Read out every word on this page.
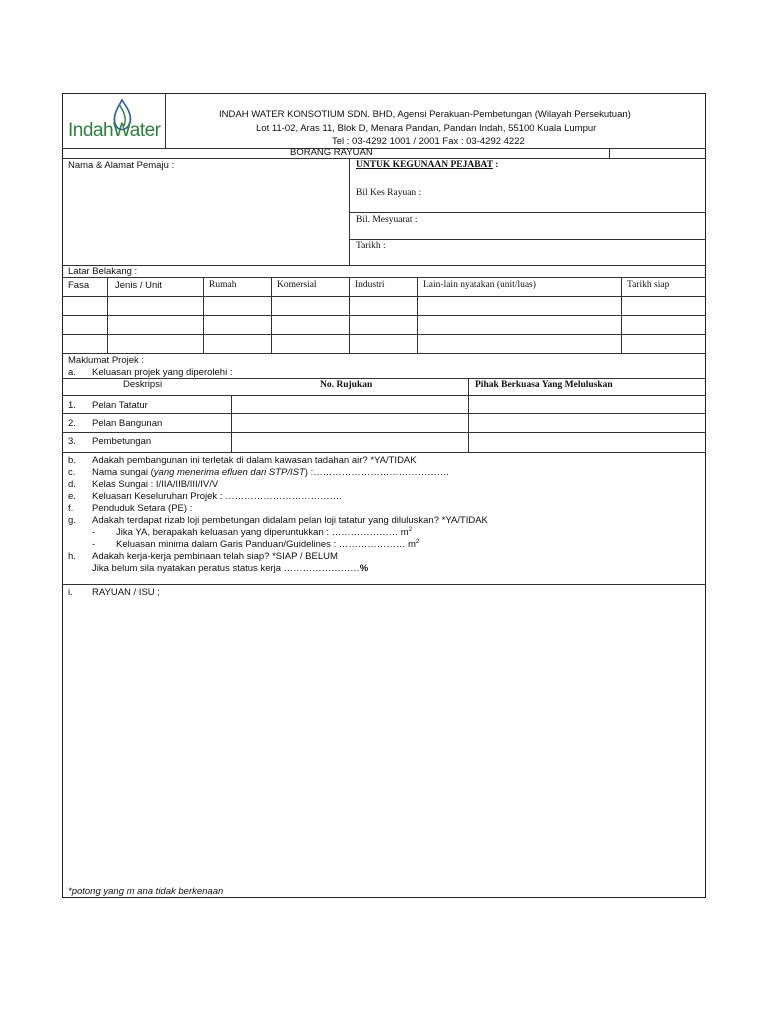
IndahWater
INDAH WATER KONSOTIUM SDN. BHD, Agensi Perakuan-Pembetungan (Wilayah Persekutuan)
Lot 11-02, Aras 11, Blok D, Menara Pandan, Pandan Indah, 55100 Kuala Lumpur
Tel : 03-4292 1001 / 2001 Fax : 03-4292 4222
BORANG RAYUAN
Nama & Alamat Pemaju :	UNTUK KEGUNAAN PEJABAT :
Bil Kes Rayuan :
Bil. Mesyuarat :
Tarikh :
Latar Belakang :
Fasa	Jenis / Unit	Rumah	Komersial	Industri	Lain-lain nyatakan (unit/luas)	Tarikh siap
Maklumat Projek :
a. Keluasan projek yang diperolehi :
Deskripsi	No. Rujukan	Pihak Berkuasa Yang Meluluskan
1. Pelan Tatatur
2. Pelan Bangunan
3. Pembetungan
b. Adakah pembangunan ini terletak di dalam kawasan tadahan air? *YA/TIDAK
c. Nama sungai (yang menerima efluen dari STP/IST) :…………………………………….
d. Kelas Sungai : I/IIA/IIB/III/IV/V
e. Keluasan Keseluruhan Projek : ……………………………….
f. Penduduk Setara (PE) :
g. Adakah terdapat rizab loji pembetungan didalam pelan loji tatatur yang diluluskan? *YA/TIDAK
- Jika YA, berapakah keluasan yang diperuntukkan : ………………… $m^2$
- Keluasan minima dalam Garis Panduan/Guidelines : ………………… $m^2$
h. Adakah kerja-kerja pembinaan telah siap? *SIAP / BELUM
Jika belum sila nyatakan peratus status kerja ……………………%
i. RAYUAN / ISU ;
*potong yang m ana tidak berkenaan
